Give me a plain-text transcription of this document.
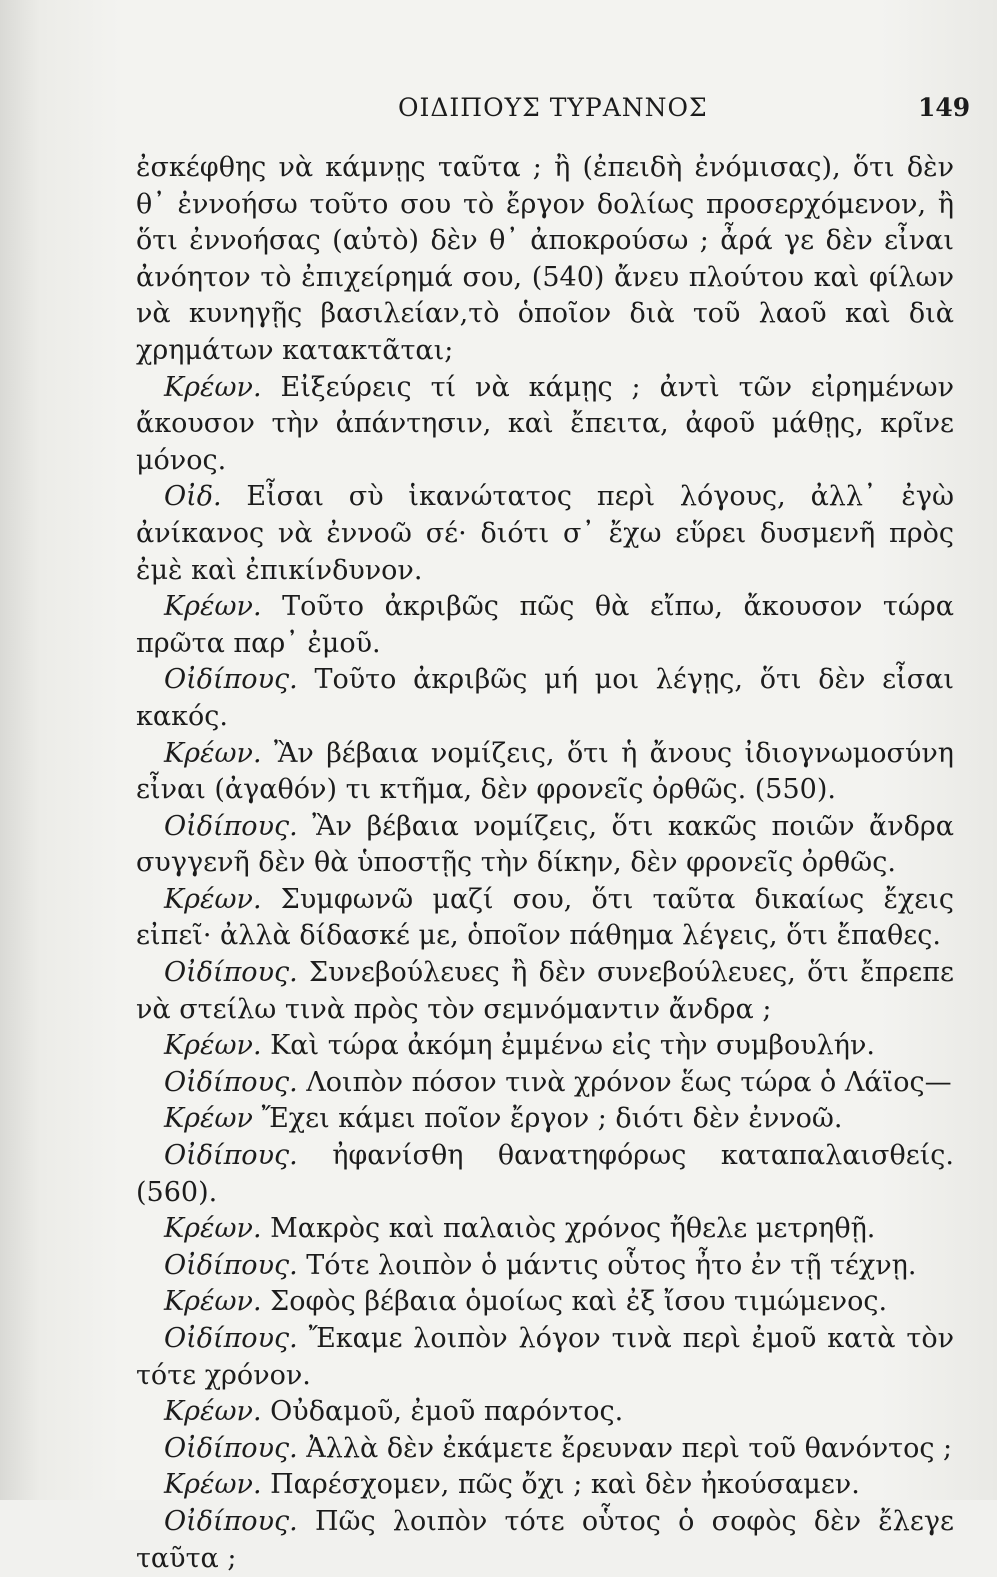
ΟΙΔΙΠΟΥΣ ΤΥΡΑΝΝΟΣ	149

ἐσκέφθης νὰ κάμνῃς ταῦτα ; ἢ (ἐπειδὴ ἐνόμισας), ὅτι δὲν θ᾽ ἐννοήσω τοῦτο σου τὸ ἔργον δολίως προσερχόμενον, ἢ ὅτι ἐννοήσας (αὐτὸ) δὲν θ᾽ ἀποκρούσω ; ἆρά γε δὲν εἶναι ἀνόητον τὸ ἐπιχείρημά σου, (540) ἄνευ πλούτου καὶ φίλων νὰ κυνηγῇς βασιλείαν,τὸ ὁποῖον διὰ τοῦ λαοῦ καὶ διὰ χρημάτων κατακτᾶται;

Κρέων. Εἰξεύρεις τί νὰ κάμῃς ; ἀντὶ τῶν εἰρημένων ἄκουσον τὴν ἀπάντησιν, καὶ ἔπειτα, ἀφοῦ μάθῃς, κρῖνε μόνος.

Οἰδ. Εἶσαι σὺ ἱκανώτατος περὶ λόγους, ἀλλ᾽ ἐγὼ ἀνίκανος νὰ ἐννοῶ σέ· διότι σ᾽ ἔχω εὕρει δυσμενῆ πρὸς ἐμὲ καὶ ἐπικίνδυνον.

Κρέων. Τοῦτο ἀκριβῶς πῶς θὰ εἴπω, ἄκουσον τώρα πρῶτα παρ᾽ ἐμοῦ.

Οἰδίπους. Τοῦτο ἀκριβῶς μή μοι λέγῃς, ὅτι δὲν εἶσαι κακός.

Κρέων. Ἂν βέβαια νομίζεις, ὅτι ἡ ἄνους ἰδιογνωμοσύνη εἶναι (ἀγαθόν) τι κτῆμα, δὲν φρονεῖς ὀρθῶς. (550).

Οἰδίπους. Ἂν βέβαια νομίζεις, ὅτι κακῶς ποιῶν ἄνδρα συγγενῆ δὲν θὰ ὑποστῇς τὴν δίκην, δὲν φρονεῖς ὀρθῶς.

Κρέων. Συμφωνῶ μαζί σου, ὅτι ταῦτα δικαίως ἔχεις εἰπεῖ· ἀλλὰ δίδασκέ με, ὁποῖον πάθημα λέγεις, ὅτι ἔπαθες.

Οἰδίπους. Συνεβούλευες ἢ δὲν συνεβούλευες, ὅτι ἔπρεπε νὰ στείλω τινὰ πρὸς τὸν σεμνόμαντιν ἄνδρα ;

Κρέων. Καὶ τώρα ἀκόμη ἐμμένω εἰς τὴν συμβουλήν.

Οἰδίπους. Λοιπὸν πόσον τινὰ χρόνον ἕως τώρα ὁ Λάϊος—

Κρέων Ἔχει κάμει ποῖον ἔργον ; διότι δὲν ἐννοῶ.

Οἰδίπους. ἠφανίσθη θανατηφόρως καταπαλαισθείς. (560).

Κρέων. Μακρὸς καὶ παλαιὸς χρόνος ἤθελε μετρηθῇ.

Οἰδίπους. Τότε λοιπὸν ὁ μάντις οὗτος ἦτο ἐν τῇ τέχνῃ.

Κρέων. Σοφὸς βέβαια ὁμοίως καὶ ἐξ ἴσου τιμώμενος.

Οἰδίπους. Ἔκαμε λοιπὸν λόγον τινὰ περὶ ἐμοῦ κατὰ τὸν τότε χρόνον.

Κρέων. Οὐδαμοῦ, ἐμοῦ παρόντος.

Οἰδίπους. Ἀλλὰ δὲν ἐκάμετε ἔρευναν περὶ τοῦ θανόντος ;

Κρέων. Παρέσχομεν, πῶς ὄχι ; καὶ δὲν ἠκούσαμεν.

Οἰδίπους. Πῶς λοιπὸν τότε οὗτος ὁ σοφὸς δὲν ἔλεγε ταῦτα ;
